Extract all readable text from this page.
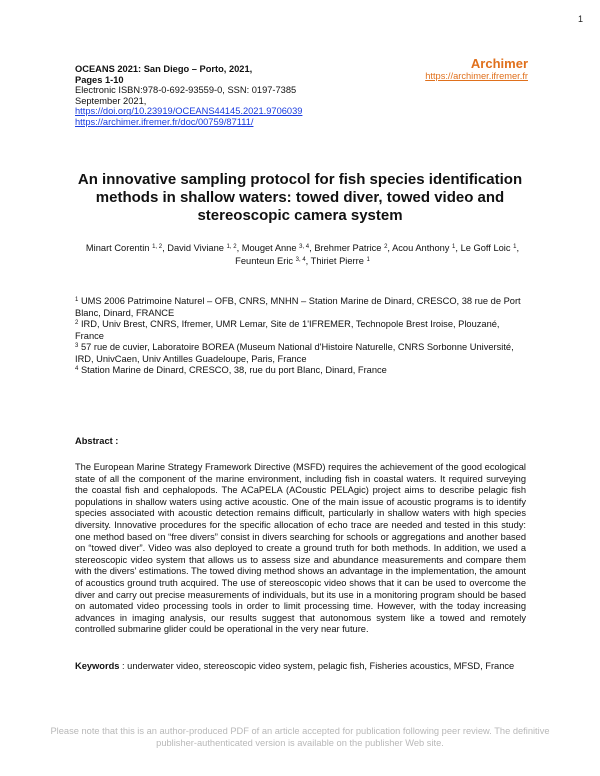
1
OCEANS 2021: San Diego – Porto, 2021,
Pages 1-10
Electronic ISBN:978-0-692-93559-0, SSN: 0197-7385
September 2021,
https://doi.org/10.23919/OCEANS44145.2021.9706039
https://archimer.ifremer.fr/doc/00759/87111/
Archimer
https://archimer.ifremer.fr
An innovative sampling protocol for fish species identification methods in shallow waters: towed diver, towed video and stereoscopic camera system
Minart Corentin $^{1, 2}$, David Viviane $^{1, 2}$, Mouget Anne $^{3, 4}$, Brehmer Patrice $^2$, Acou Anthony $^1$, Le Goff Loic $^1$, Feunteun Eric $^{3, 4}$, Thiriet Pierre $^1$

$^1$ UMS 2006 Patrimoine Naturel – OFB, CNRS, MNHN – Station Marine de Dinard, CRESCO, 38 rue de Port Blanc, Dinard, FRANCE

$^2$ IRD, Univ Brest, CNRS, Ifremer, UMR Lemar, Site de 1'IFREMER, Technopole Brest Iroise, Plouzané, France

$^3$ 57 rue de cuvier, Laboratoire BOREA (Museum National d'Histoire Naturelle, CNRS Sorbonne Université, IRD, UnivCaen, Univ Antilles Guadeloupe, Paris, France

$^4$ Station Marine de Dinard, CRESCO, 38, rue du port Blanc, Dinard, France

Abstract :
The European Marine Strategy Framework Directive (MSFD) requires the achievement of the good ecological state of all the component of the marine environment, including fish in coastal waters. It required surveying the coastal fish and cephalopods. The ACaPELA (ACoustic PELAgic) project aims to describe pelagic fish populations in shallow waters using active acoustic. One of the main issue of acoustic programs is to identify species associated with acoustic detection remains difficult, particularly in shallow waters with high species diversity. Innovative procedures for the specific allocation of echo trace are needed and tested in this study: one method based on “free divers” consist in divers searching for schools or aggregations and another based on “towed diver”. Video was also deployed to create a ground truth for both methods. In addition, we used a stereoscopic video system that allows us to assess size and abundance measurements and compare them with the divers' estimations. The towed diving method shows an advantage in the implementation, the amount of acoustics ground truth acquired. The use of stereoscopic video shows that it can be used to overcome the diver and carry out precise measurements of individuals, but its use in a monitoring program should be based on automated video processing tools in order to limit processing time. However, with the today increasing advances in imaging analysis, our results suggest that autonomous system like a towed and remotely controlled submarine glider could be operational in the very near future.
Keywords : underwater video, stereoscopic video system, pelagic fish, Fisheries acoustics, MFSD, France
Please note that this is an author-produced PDF of an article accepted for publication following peer review. The definitive publisher-authenticated version is available on the publisher Web site.
